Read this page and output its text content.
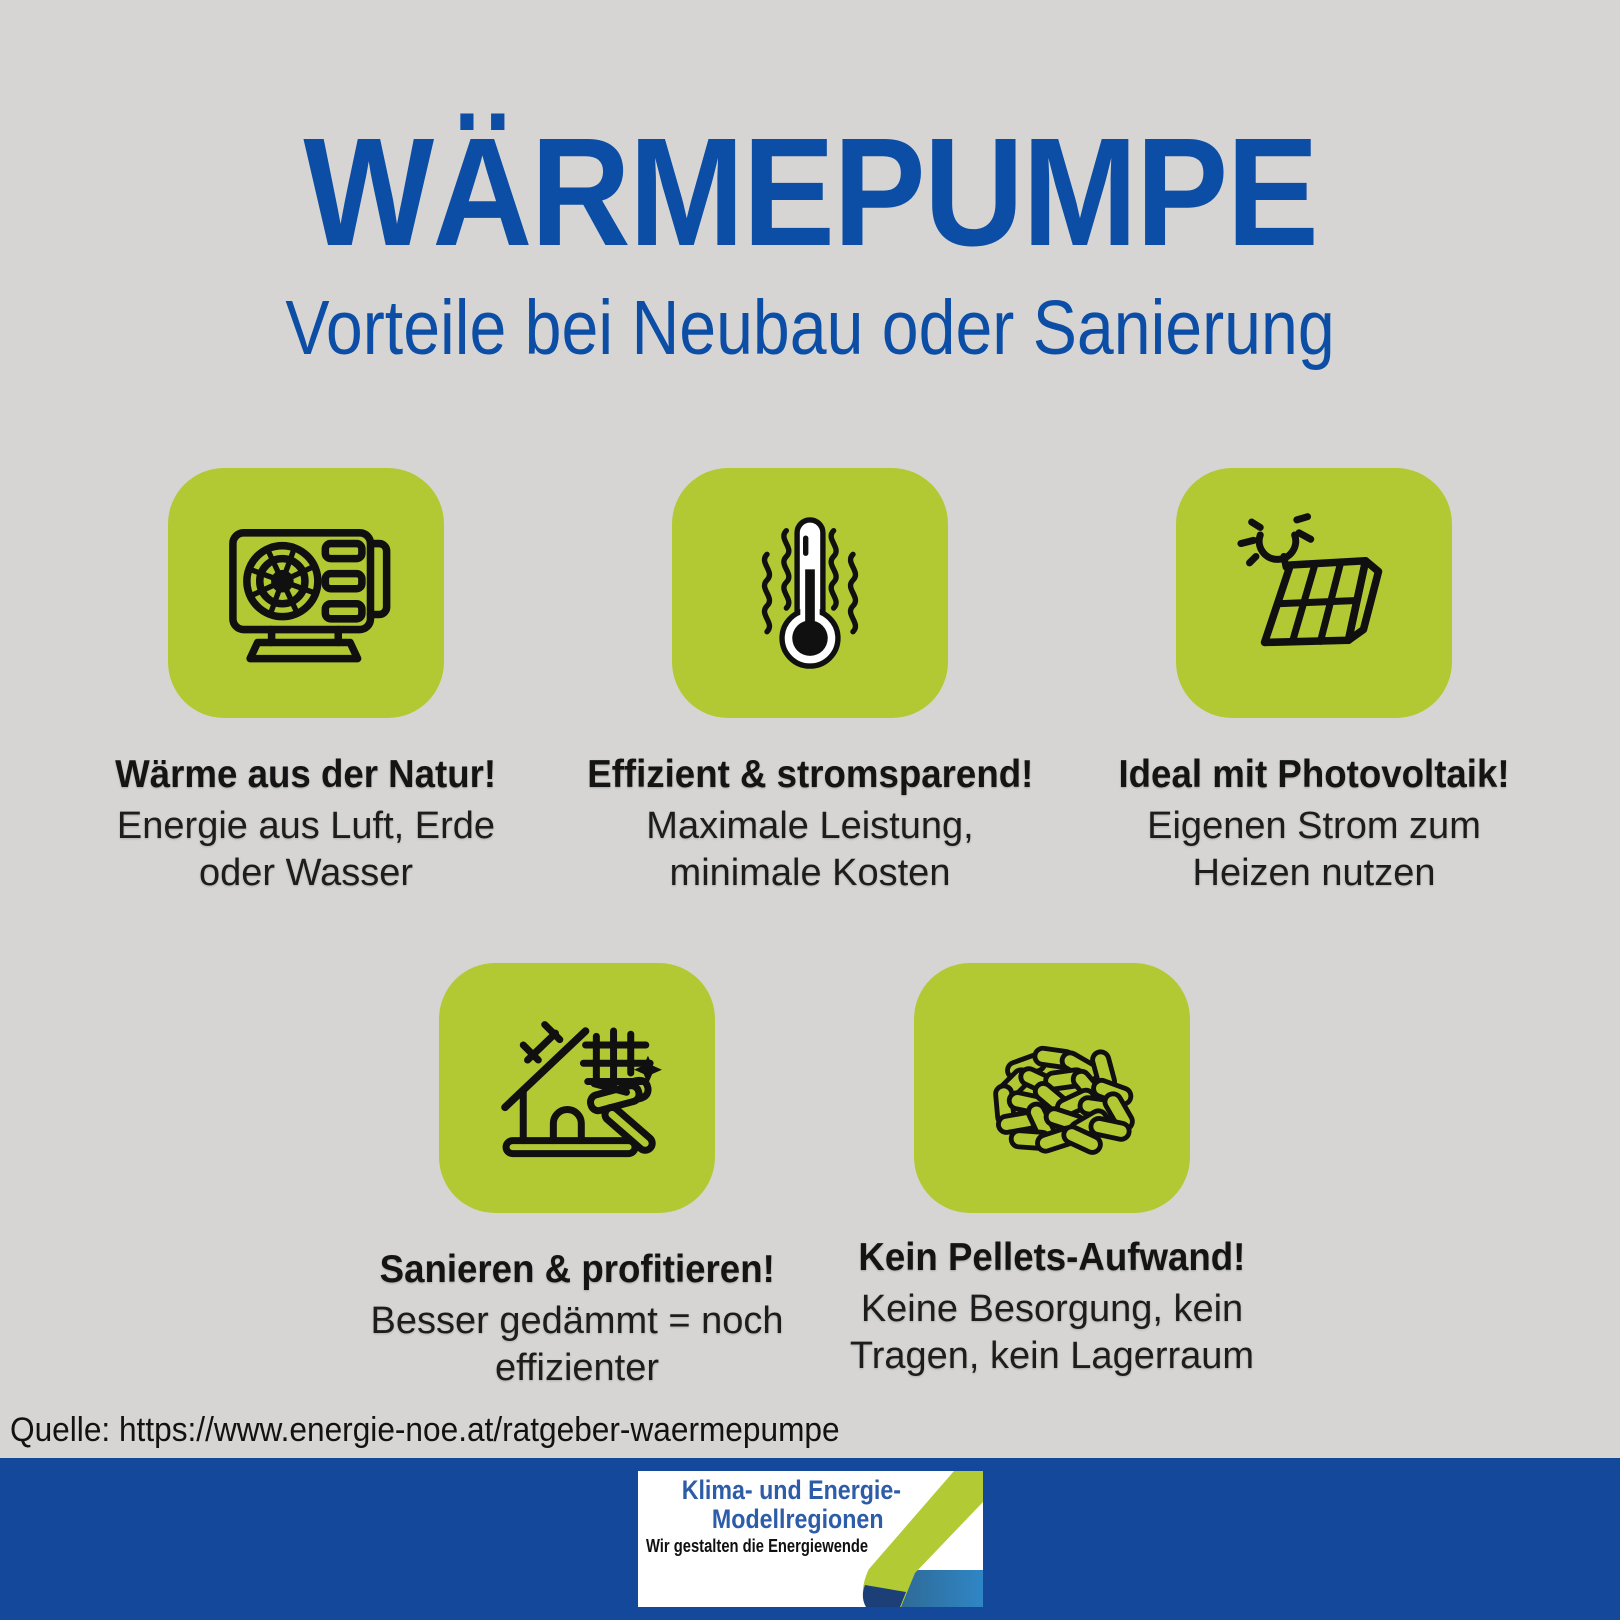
WÄRMEPUMPE
Vorteile bei Neubau oder Sanierung
Wärme aus der Natur!
Energie aus Luft, Erde oder Wasser
Effizient & stromsparend!
Maximale Leistung, minimale Kosten
Ideal mit Photovoltaik!
Eigenen Strom zum Heizen nutzen
Sanieren & profitieren!
Besser gedämmt = noch effizienter
Kein Pellets-Aufwand!
Keine Besorgung, kein Tragen, kein Lagerraum
Quelle: https://www.energie-noe.at/ratgeber-waermepumpe
Klima- und Energie-
Modellregionen
Wir gestalten die Energiewende
